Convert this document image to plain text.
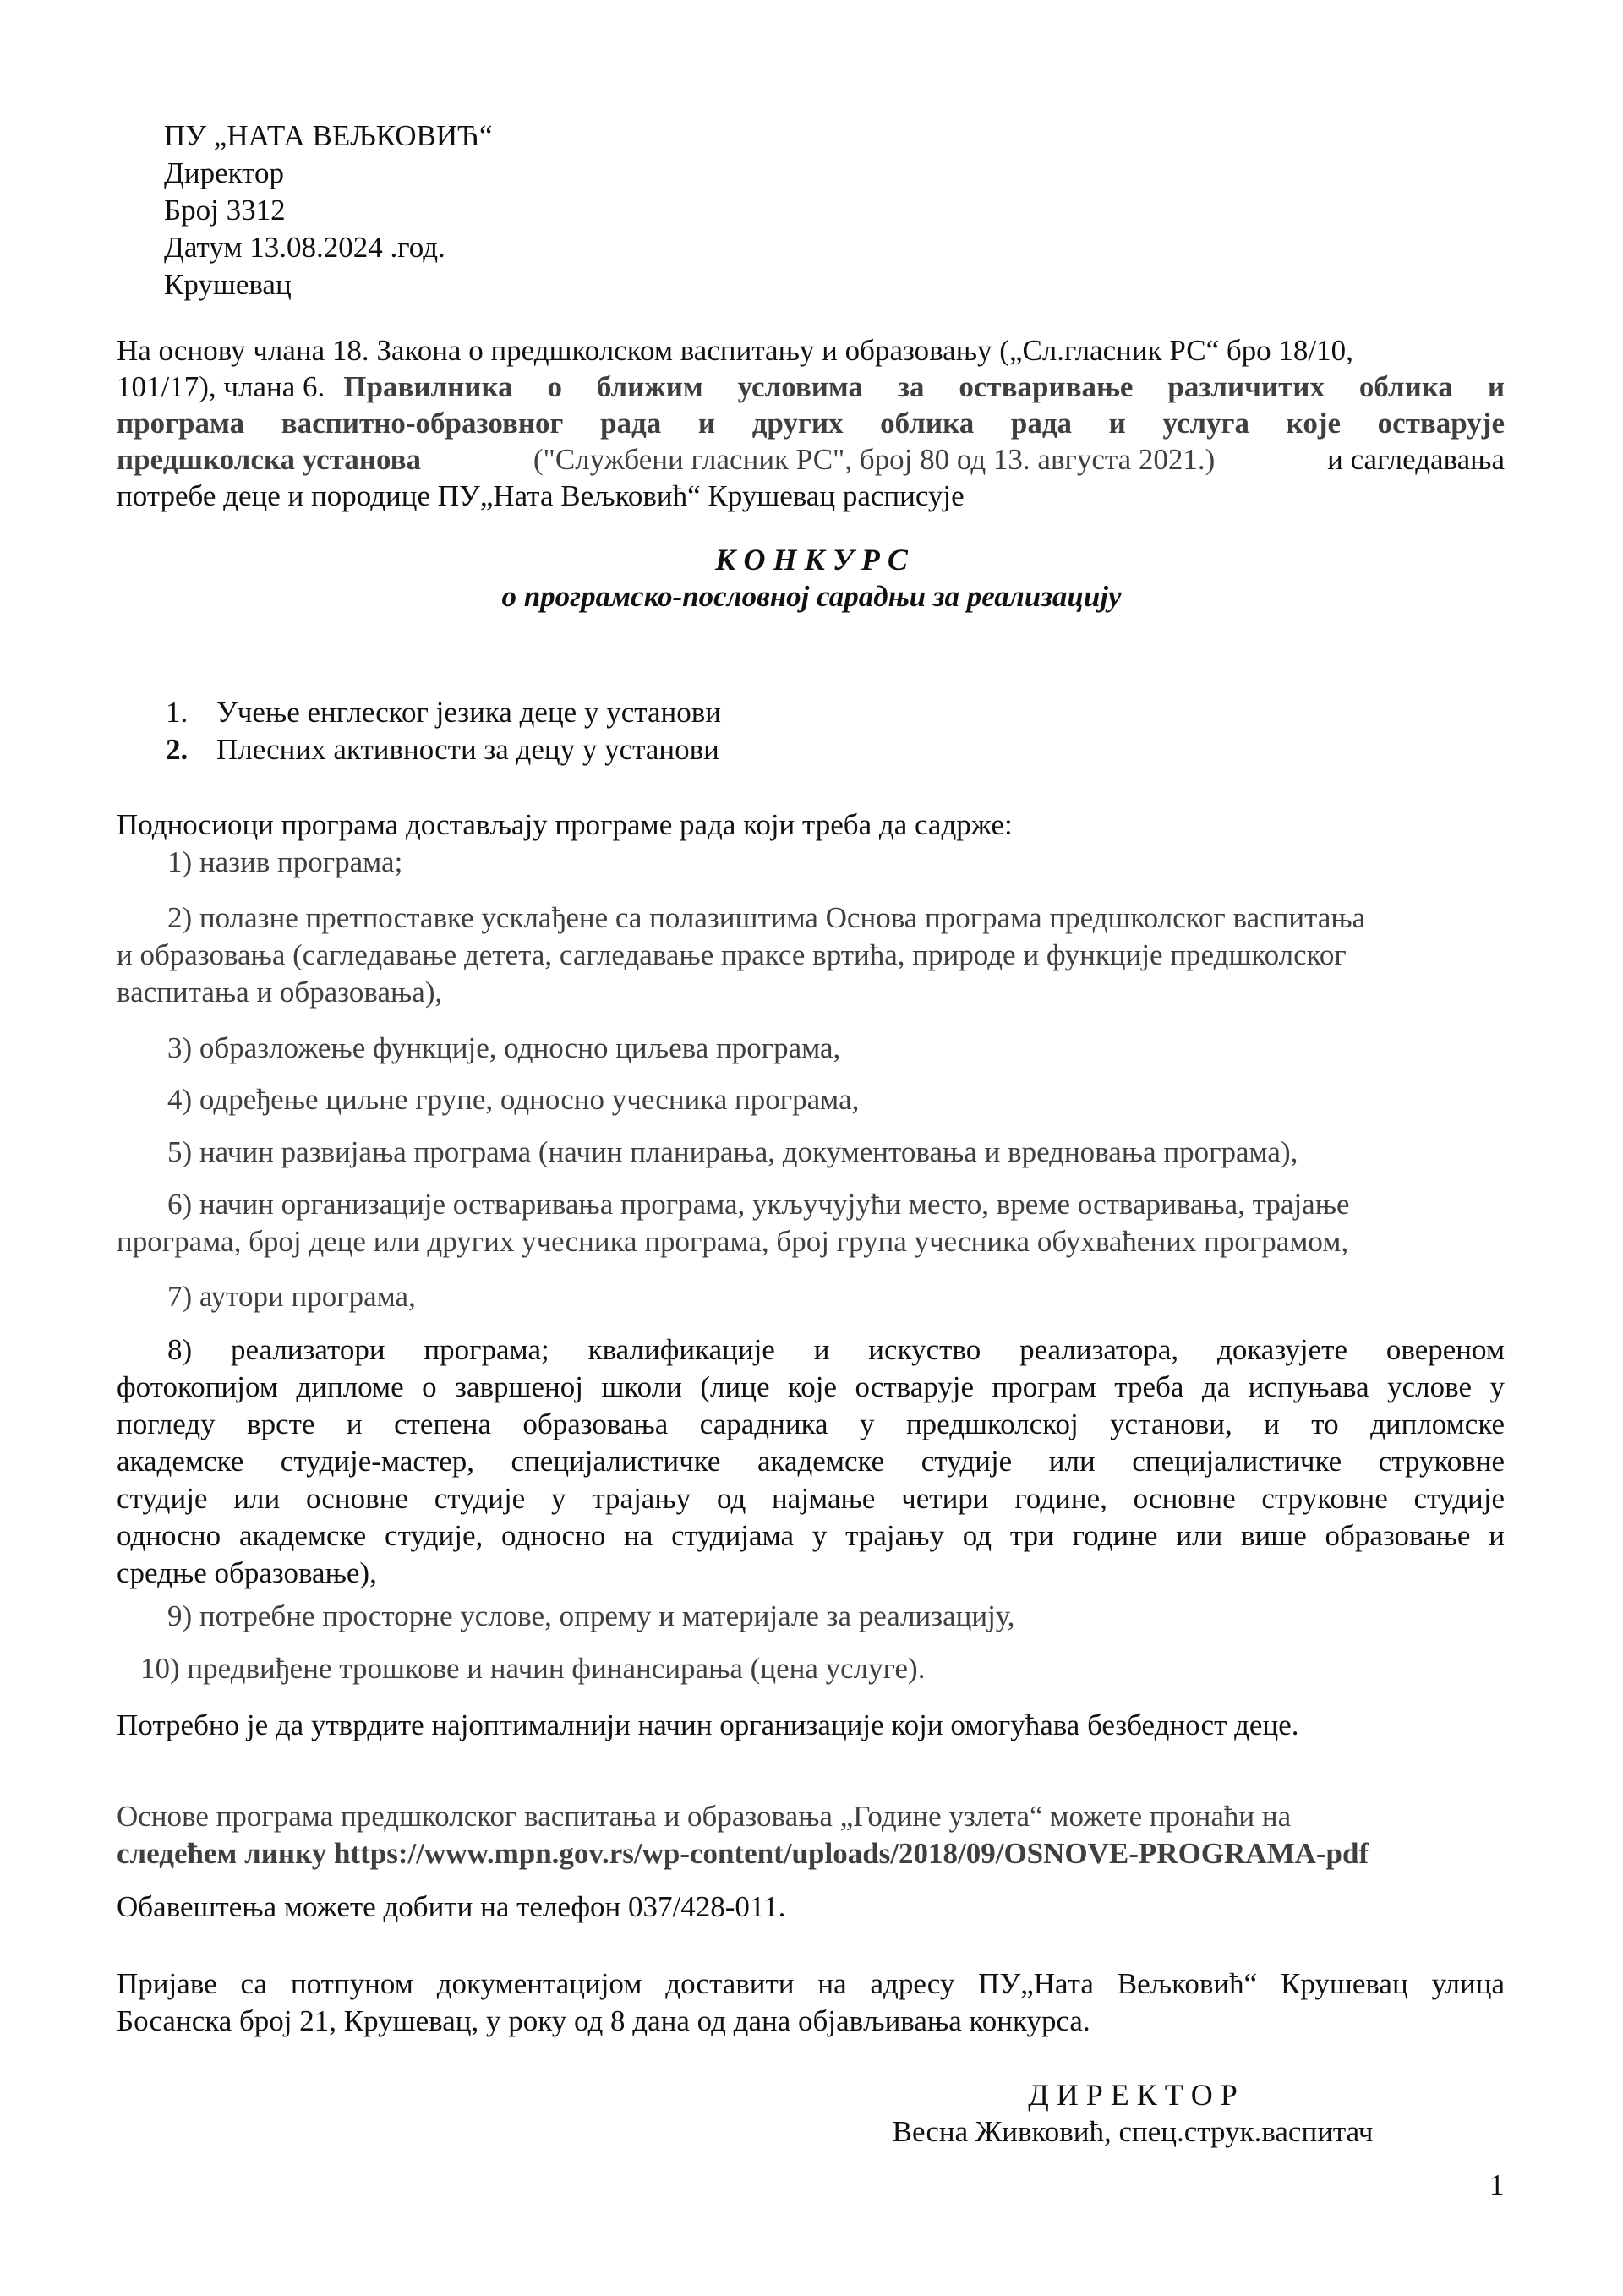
ПУ „НАТА ВЕЉКОВИЋ“
Директор
Број 3312
Датум 13.08.2024 .год.
Крушевац
На основу члана 18. Закона о предшколском васпитању и образовању („Сл.гласник РС“ бро 18/10,
101/17), члана 6. Правилника о ближим условима за остваривање различитих облика и
програма васпитно-образовног рада и других облика рада и услуга које остварује
предшколска установа	("Службени гласник РС", број 80 од 13. августа 2021.)	и сагледавања
потребе деце и породице ПУ„Ната Вељковић“ Крушевац расписује
К О Н К У Р С
о програмско-пословној сарадњи за реализацију
1. Учење енглеског језика деце у установи
2. Плесних активности за децу у установи
Подносиоци програма достављају програме рада који треба да садрже:
1) назив програма;
2) полазне претпоставке усклађене са полазиштима Основа програма предшколског васпитања
и образовања (сагледавање детета, сагледавање праксе вртића, природе и функције предшколског
васпитања и образовања),
3) образложење функције, односно циљева програма,
4) одређење циљне групе, односно учесника програма,
5) начин развијања програма (начин планирања, документовања и вредновања програма),
6) начин организације остваривања програма, укључујући место, време остваривања, трајање
програма, број деце или других учесника програма, број група учесника обухваћених програмом,
7) аутори програма,
8) реализатори програма; квалификације и искуство реализатора, доказујете овереном
фотокопијом дипломе о завршеној школи (лице које остварује програм треба да испуњава услове у
погледу врсте и степена образовања сарадника у предшколској установи, и то дипломске
академске студије-мастер, специјалистичке академске студије или специјалистичке струковне
студије или основне студије у трајању од најмање четири године, основне струковне студије
односно академске студије, односно на студијама у трајању од три године или више образовање и
средње образовање),
9) потребне просторне услове, опрему и материјале за реализацију,
10) предвиђене трошкове и начин финансирања (цена услуге).
Потребно је да утврдите најоптималнији начин организације који омогућава безбедност деце.
Основе програма предшколског васпитања и образовања „Године узлета“ можете пронаћи на
следећем линку https://www.mpn.gov.rs/wp-content/uploads/2018/09/OSNOVE-PROGRAMA-pdf
Обавештења можете добити на телефон 037/428-011.
Пријаве са потпуном документацијом доставити на адресу ПУ„Ната Вељковић“ Крушевац улица
Босанска број 21, Крушевац, у року од 8 дана од дана објављивања конкурса.
Д И Р Е К Т О Р
Весна Живковић, спец.струк.васпитач
1
